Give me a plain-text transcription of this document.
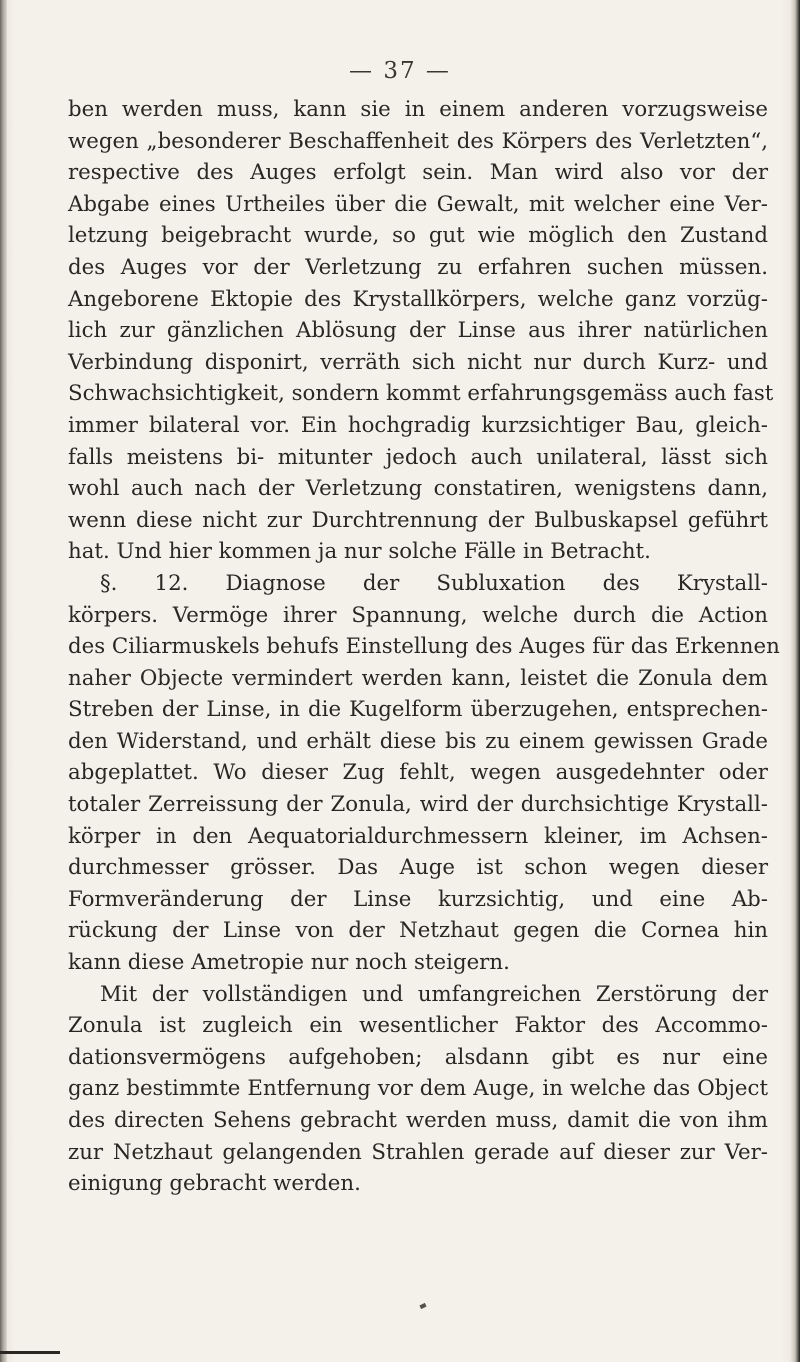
— 37 —
ben werden muss, kann sie in einem anderen vorzugsweise
wegen „besonderer Beschaffenheit des Körpers des Verletzten“,
respective des Auges erfolgt sein. Man wird also vor der
Abgabe eines Urtheiles über die Gewalt, mit welcher eine Ver-
letzung beigebracht wurde, so gut wie möglich den Zustand
des Auges vor der Verletzung zu erfahren suchen müssen.
Angeborene Ektopie des Krystallkörpers, welche ganz vorzüg-
lich zur gänzlichen Ablösung der Linse aus ihrer natürlichen
Verbindung disponirt, verräth sich nicht nur durch Kurz- und
Schwachsichtigkeit, sondern kommt erfahrungsgemäss auch fast
immer bilateral vor. Ein hochgradig kurzsichtiger Bau, gleich-
falls meistens bi- mitunter jedoch auch unilateral, lässt sich
wohl auch nach der Verletzung constatiren, wenigstens dann,
wenn diese nicht zur Durchtrennung der Bulbuskapsel geführt
hat. Und hier kommen ja nur solche Fälle in Betracht.
§. 12. Diagnose der Subluxation des Krystall-
körpers. Vermöge ihrer Spannung, welche durch die Action
des Ciliarmuskels behufs Einstellung des Auges für das Erkennen
naher Objecte vermindert werden kann, leistet die Zonula dem
Streben der Linse, in die Kugelform überzugehen, entsprechen-
den Widerstand, und erhält diese bis zu einem gewissen Grade
abgeplattet. Wo dieser Zug fehlt, wegen ausgedehnter oder
totaler Zerreissung der Zonula, wird der durchsichtige Krystall-
körper in den Aequatorialdurchmessern kleiner, im Achsen-
durchmesser grösser. Das Auge ist schon wegen dieser
Formveränderung der Linse kurzsichtig, und eine Ab-
rückung der Linse von der Netzhaut gegen die Cornea hin
kann diese Ametropie nur noch steigern.
Mit der vollständigen und umfangreichen Zerstörung der
Zonula ist zugleich ein wesentlicher Faktor des Accommo-
dationsvermögens aufgehoben; alsdann gibt es nur eine
ganz bestimmte Entfernung vor dem Auge, in welche das Object
des directen Sehens gebracht werden muss, damit die von ihm
zur Netzhaut gelangenden Strahlen gerade auf dieser zur Ver-
einigung gebracht werden.
